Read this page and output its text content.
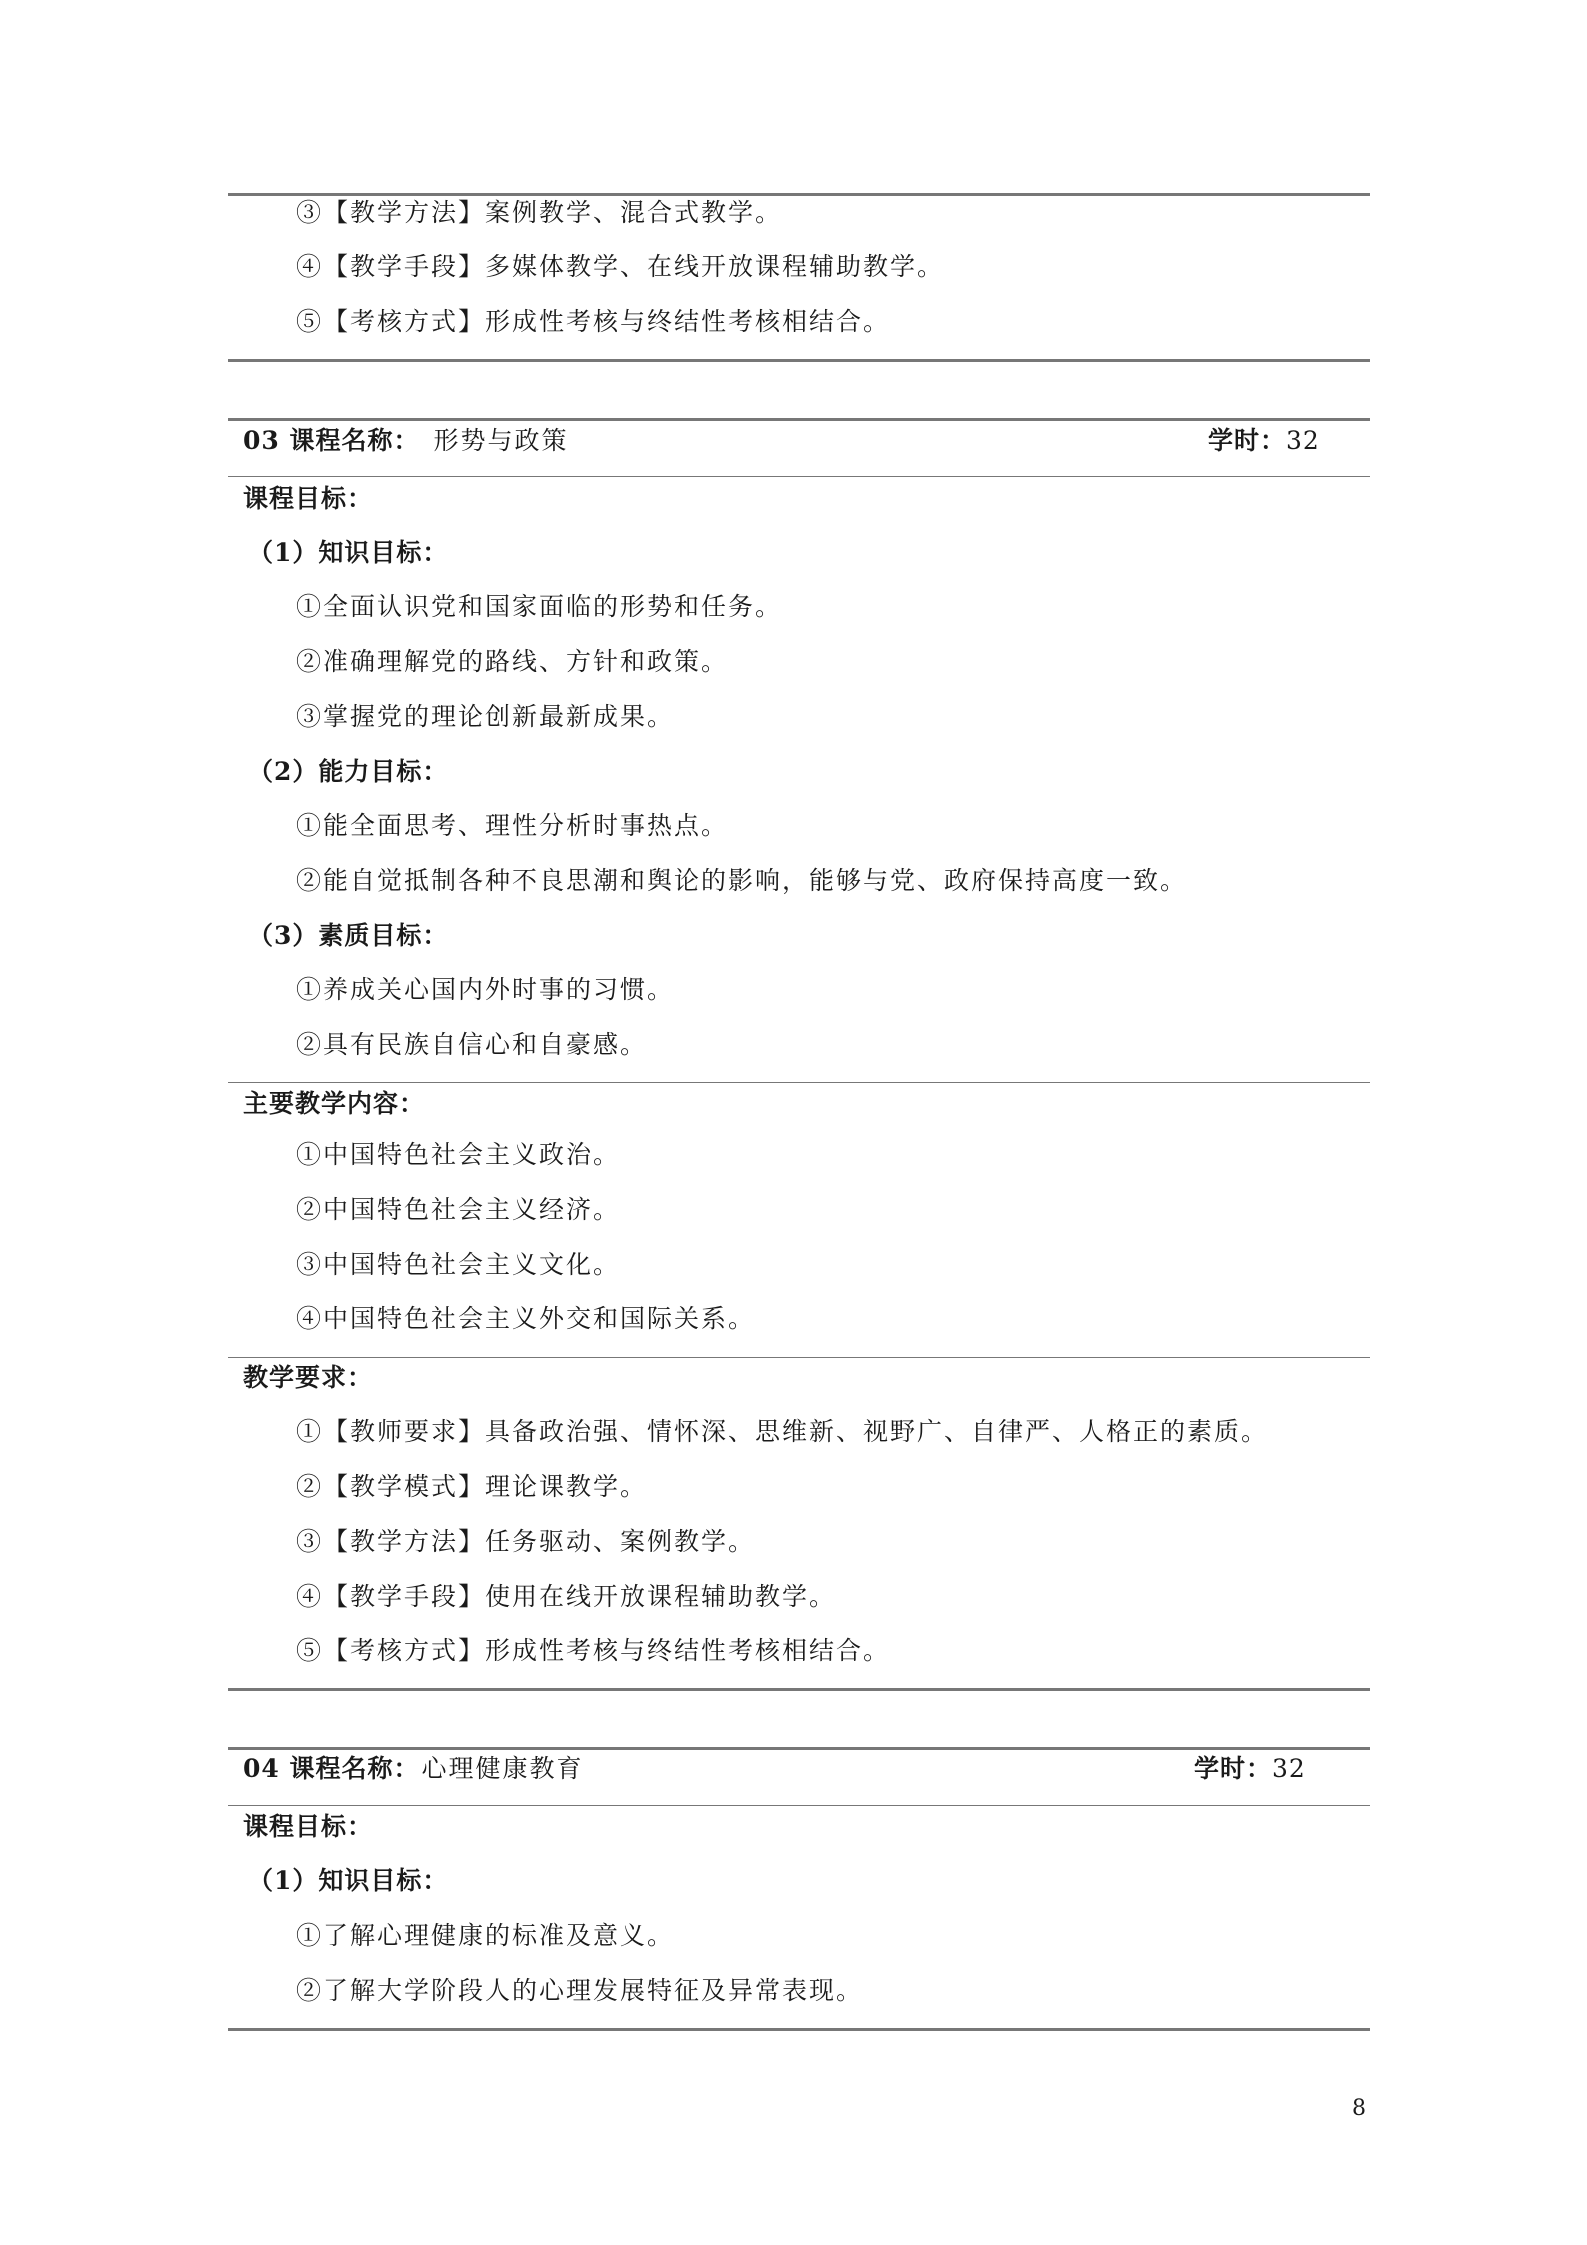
③【教学方法】案例教学、混合式教学。
④【教学手段】多媒体教学、在线开放课程辅助教学。
⑤【考核方式】形成性考核与终结性考核相结合。
03 课程名称： 形势与政策	学时：32
课程目标：
（1）知识目标：
①全面认识党和国家面临的形势和任务。
②准确理解党的路线、方针和政策。
③掌握党的理论创新最新成果。
（2）能力目标：
①能全面思考、理性分析时事热点。
②能自觉抵制各种不良思潮和舆论的影响，能够与党、政府保持高度一致。
（3）素质目标：
①养成关心国内外时事的习惯。
②具有民族自信心和自豪感。
主要教学内容：
①中国特色社会主义政治。
②中国特色社会主义经济。
③中国特色社会主义文化。
④中国特色社会主义外交和国际关系。
教学要求：
①【教师要求】具备政治强、情怀深、思维新、视野广、自律严、人格正的素质。
②【教学模式】理论课教学。
③【教学方法】任务驱动、案例教学。
④【教学手段】使用在线开放课程辅助教学。
⑤【考核方式】形成性考核与终结性考核相结合。
04 课程名称：心理健康教育	学时：32
课程目标：
（1）知识目标：
①了解心理健康的标准及意义。
②了解大学阶段人的心理发展特征及异常表现。
8
